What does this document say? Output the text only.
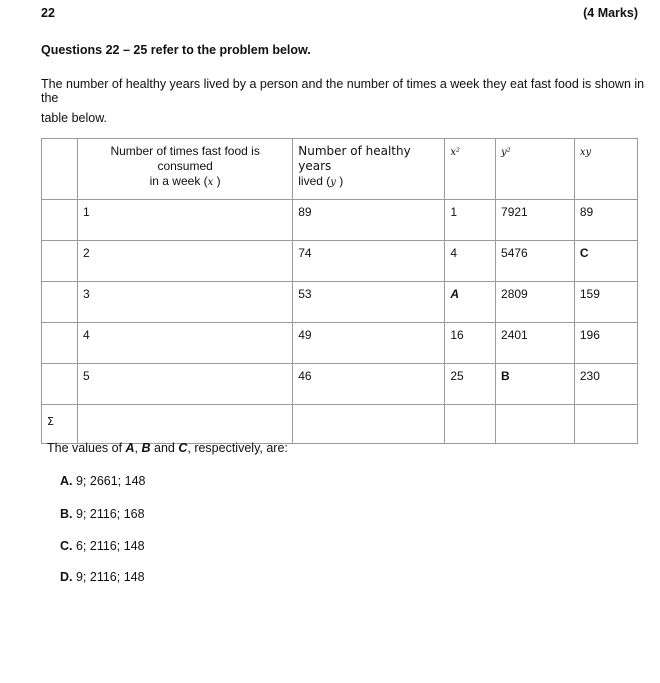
22	(4 Marks)
Questions 22 – 25 refer to the problem below.
The number of healthy years lived by a person and the number of times a week they eat fast food is shown in the
table below.
	Number of times fast food is consumed
in a week (x )	Number of healthy years
lived (y )	x²	y²	xy
	1	89	1	7921	89
	2	74	4	5476	C
	3	53	A	2809	159
	4	49	16	2401	196
	5	46	25	B	230
Σ					
The values of A, B and C, respectively, are:
A. 9; 2661; 148
B. 9; 2116; 168
C. 6; 2116; 148
D. 9; 2116; 148
